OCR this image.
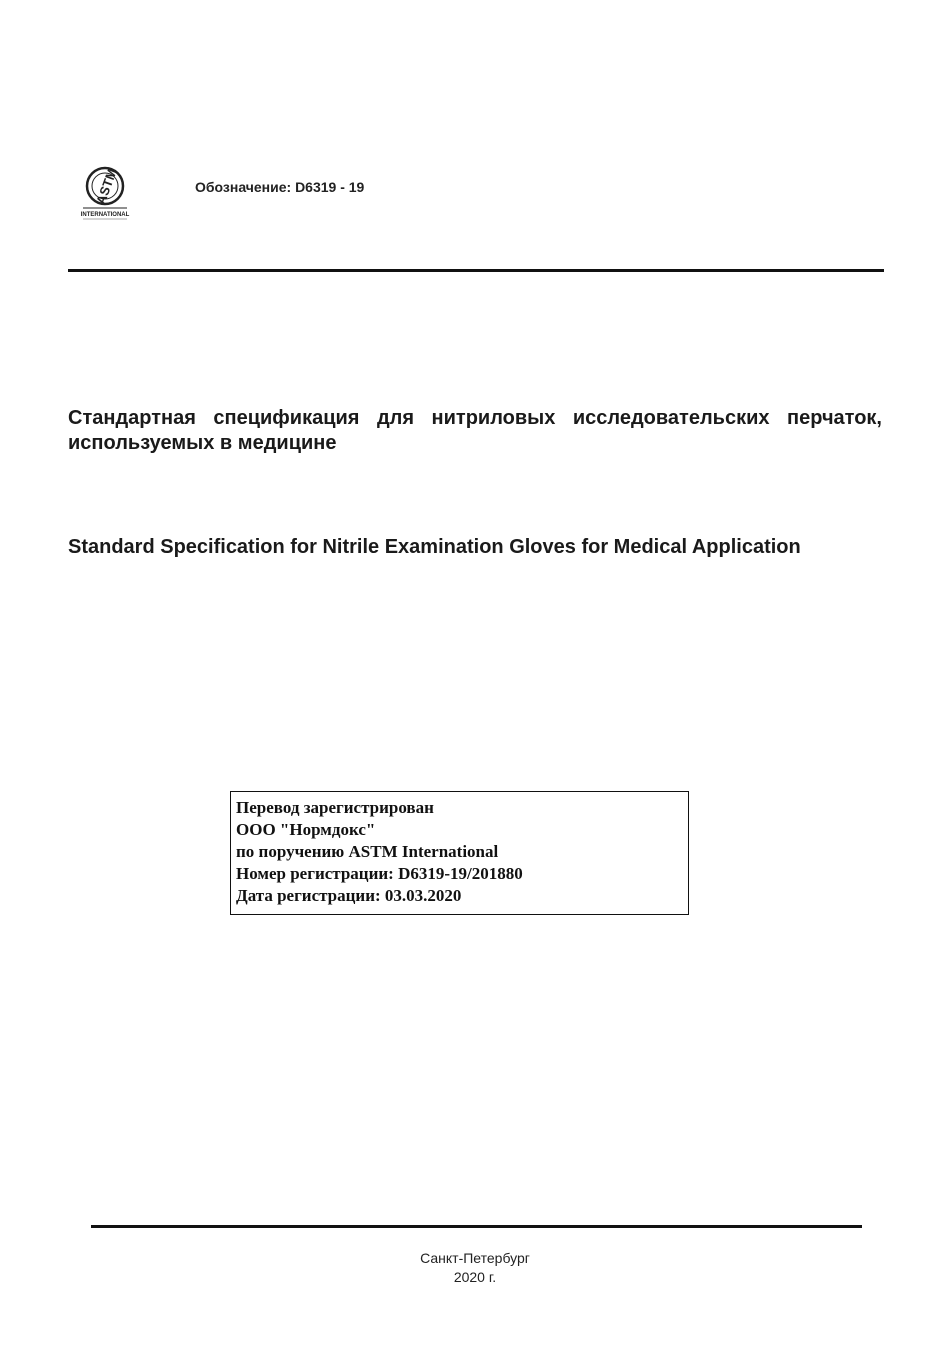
ASTM
INTERNATIONAL
Обозначение: D6319 - 19
Стандартная спецификация для нитриловых исследовательских перчаток, используемых в медицине
Standard Specification for Nitrile Examination Gloves for Medical Application
Перевод зарегистрирован
ООО "Нормдокс"
по поручению ASTM International
Номер регистрации: D6319-19/201880
Дата регистрации: 03.03.2020
Санкт-Петербург
2020 г.
